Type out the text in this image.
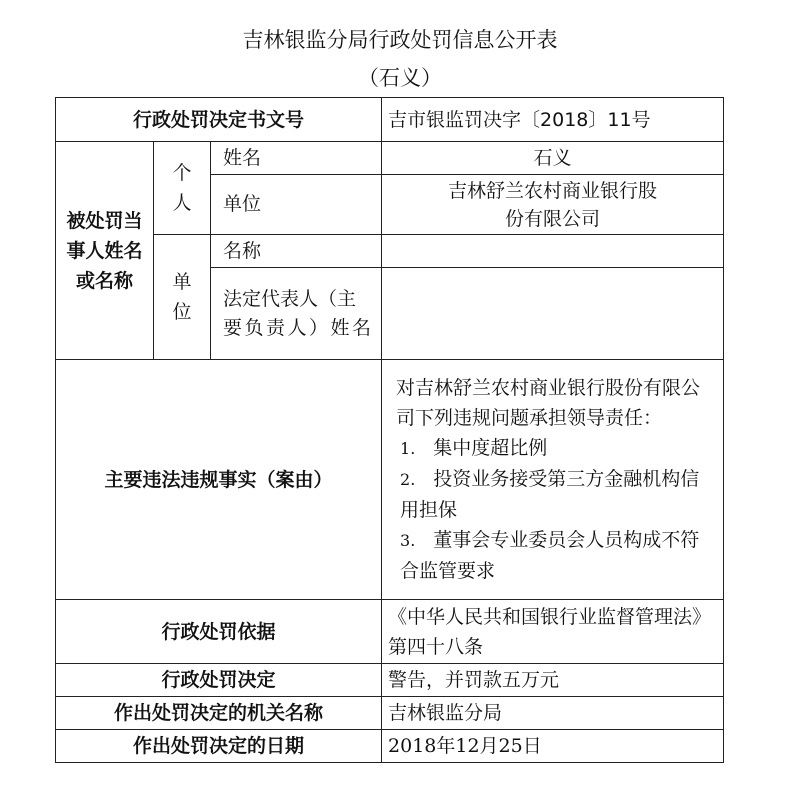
吉林银监分局行政处罚信息公开表
（石义）
行政处罚决定书文号			吉市银监罚决字〔2018〕11号
被处罚当事人姓名或名称	个人	姓名	石义
		单位	吉林舒兰农村商业银行股份有限公司
	单位	名称	
		法定代表人（主要负责人）姓名	
主要违法违规事实（案由）			对吉林舒兰农村商业银行股份有限公司下列违规问题承担领导责任：
1. 集中度超比例
2. 投资业务接受第三方金融机构信用担保
3. 董事会专业委员会人员构成不符合监管要求

行政处罚依据			《中华人民共和国银行业监督管理法》第四十八条
行政处罚决定			警告，并罚款五万元
作出处罚决定的机关名称			吉林银监分局
作出处罚决定的日期			2018年12月25日
